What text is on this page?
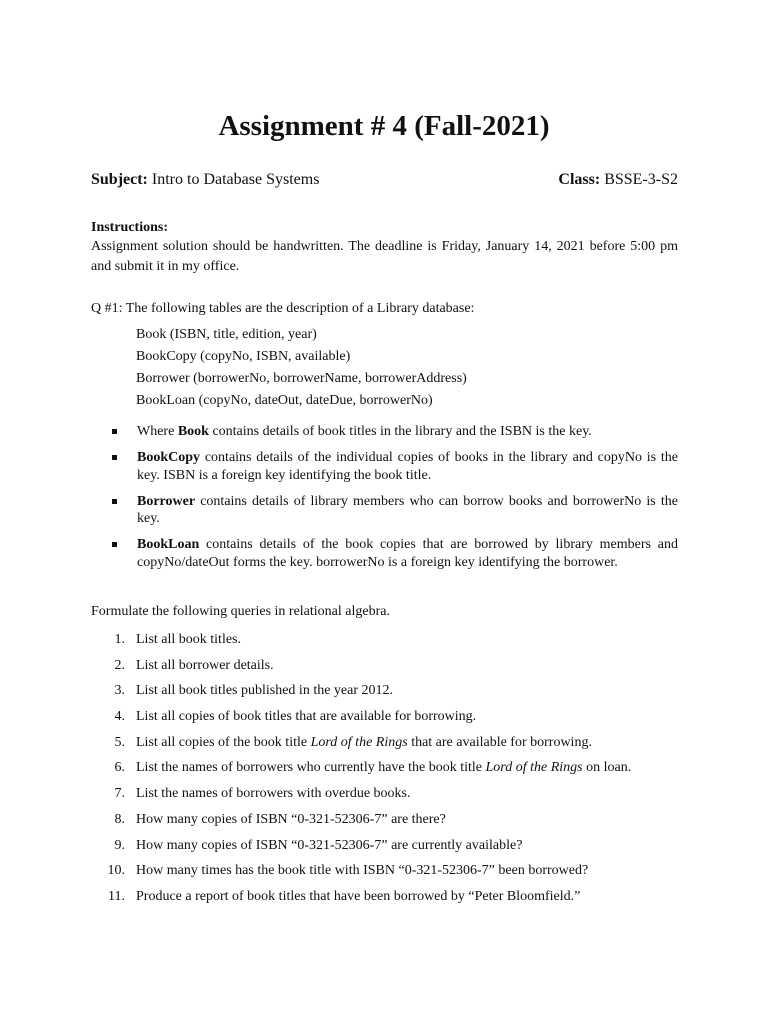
Assignment # 4 (Fall-2021)
Subject: Intro to Database Systems	Class: BSSE-3-S2
Instructions:

Assignment solution should be handwritten. The deadline is Friday, January 14, 2021 before 5:00 pm and submit it in my office.

Q #1: The following tables are the description of a Library database:
Book (ISBN, title, edition, year)
BookCopy (copyNo, ISBN, available)
Borrower (borrowerNo, borrowerName, borrowerAddress)
BookLoan (copyNo, dateOut, dateDue, borrowerNo)
Where Book contains details of book titles in the library and the ISBN is the key.
BookCopy contains details of the individual copies of books in the library and copyNo is the key. ISBN is a foreign key identifying the book title.
Borrower contains details of library members who can borrow books and borrowerNo is the key.
BookLoan contains details of the book copies that are borrowed by library members and copyNo/dateOut forms the key. borrowerNo is a foreign key identifying the borrower.
Formulate the following queries in relational algebra.
1. List all book titles.
2. List all borrower details.
3. List all book titles published in the year 2012.
4. List all copies of book titles that are available for borrowing.
5. List all copies of the book title Lord of the Rings that are available for borrowing.
6. List the names of borrowers who currently have the book title Lord of the Rings on loan.
7. List the names of borrowers with overdue books.
8. How many copies of ISBN “0-321-52306-7” are there?
9. How many copies of ISBN “0-321-52306-7” are currently available?
10. How many times has the book title with ISBN “0-321-52306-7” been borrowed?
11. Produce a report of book titles that have been borrowed by “Peter Bloomfield.”
